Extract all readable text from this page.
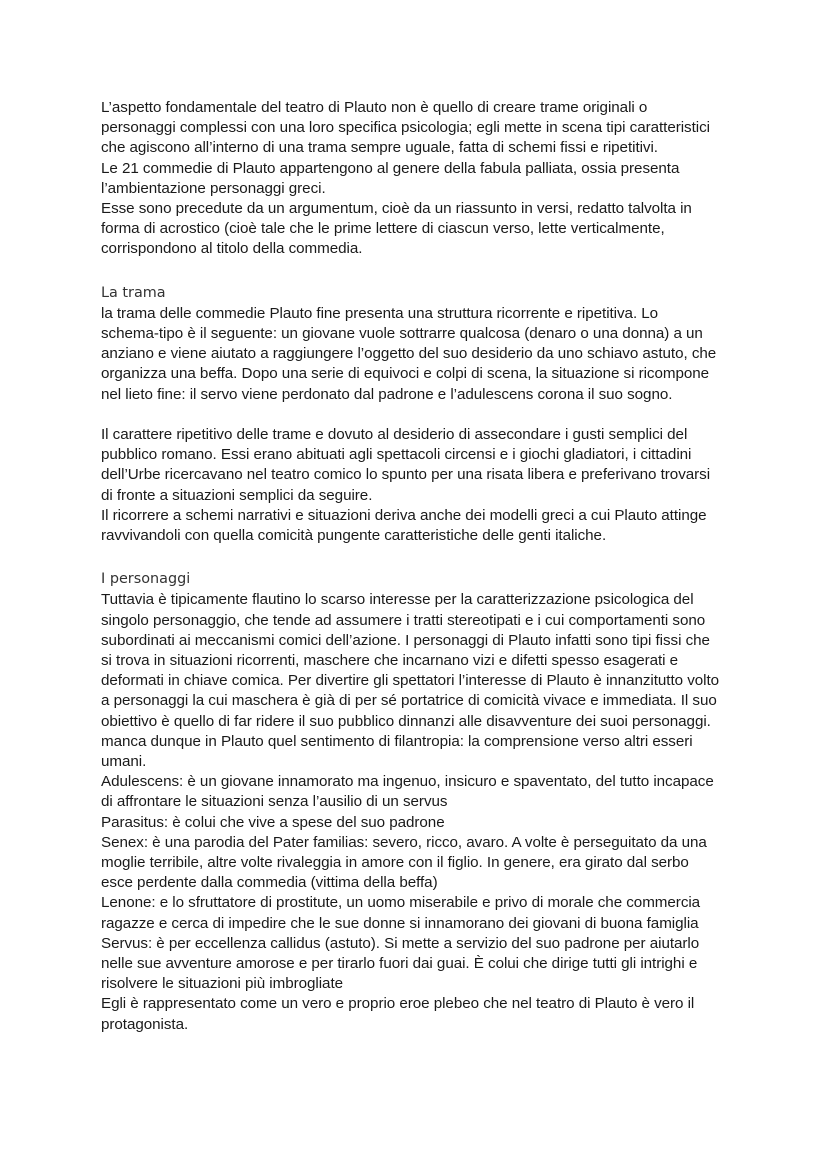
L’aspetto fondamentale del teatro di Plauto non è quello di creare trame originali o
personaggi complessi con una loro specifica psicologia; egli mette in scena tipi caratteristici
che agiscono all’interno di una trama sempre uguale, fatta di schemi fissi e ripetitivi.
Le 21 commedie di Plauto appartengono al genere della fabula palliata, ossia presenta
l’ambientazione personaggi greci.
Esse sono precedute da un argumentum, cioè da un riassunto in versi, redatto talvolta in
forma di acrostico (cioè tale che le prime lettere di ciascun verso, lette verticalmente,
corrispondono al titolo della commedia.
La trama
la trama delle commedie Plauto fine presenta una struttura ricorrente e ripetitiva. Lo
schema-tipo è il seguente: un giovane vuole sottrarre qualcosa (denaro o una donna) a un
anziano e viene aiutato a raggiungere l’oggetto del suo desiderio da uno schiavo astuto, che
organizza una beffa. Dopo una serie di equivoci e colpi di scena, la situazione si ricompone
nel lieto fine: il servo viene perdonato dal padrone e l’adulescens corona il suo sogno.
Il carattere ripetitivo delle trame e dovuto al desiderio di assecondare i gusti semplici del
pubblico romano. Essi erano abituati agli spettacoli circensi e i giochi gladiatori, i cittadini
dell’Urbe ricercavano nel teatro comico lo spunto per una risata libera e preferivano trovarsi
di fronte a situazioni semplici da seguire.
Il ricorrere a schemi narrativi e situazioni deriva anche dei modelli greci a cui Plauto attinge
ravvivandoli con quella comicità pungente caratteristiche delle genti italiche.
I personaggi
Tuttavia è tipicamente flautino lo scarso interesse per la caratterizzazione psicologica del
singolo personaggio, che tende ad assumere i tratti stereotipati e i cui comportamenti sono
subordinati ai meccanismi comici dell’azione. I personaggi di Plauto infatti sono tipi fissi che
si trova in situazioni ricorrenti, maschere che incarnano vizi e difetti spesso esagerati e
deformati in chiave comica. Per divertire gli spettatori l’interesse di Plauto è innanzitutto volto
a personaggi la cui maschera è già di per sé portatrice di comicità vivace e immediata. Il suo
obiettivo è quello di far ridere il suo pubblico dinnanzi alle disavventure dei suoi personaggi.
manca dunque in Plauto quel sentimento di filantropia: la comprensione verso altri esseri
umani.
Adulescens: è un giovane innamorato ma ingenuo, insicuro e spaventato, del tutto incapace
di affrontare le situazioni senza l’ausilio di un servus
Parasitus: è colui che vive a spese del suo padrone
Senex: è una parodia del Pater familias: severo, ricco, avaro. A volte è perseguitato da una
moglie terribile, altre volte rivaleggia in amore con il figlio. In genere, era girato dal serbo
esce perdente dalla commedia (vittima della beffa)
Lenone: e lo sfruttatore di prostitute, un uomo miserabile e privo di morale che commercia
ragazze e cerca di impedire che le sue donne si innamorano dei giovani di buona famiglia
Servus: è per eccellenza callidus (astuto). Si mette a servizio del suo padrone per aiutarlo
nelle sue avventure amorose e per tirarlo fuori dai guai. È colui che dirige tutti gli intrighi e
risolvere le situazioni più imbrogliate
Egli è rappresentato come un vero e proprio eroe plebeo che nel teatro di Plauto è vero il
protagonista.
